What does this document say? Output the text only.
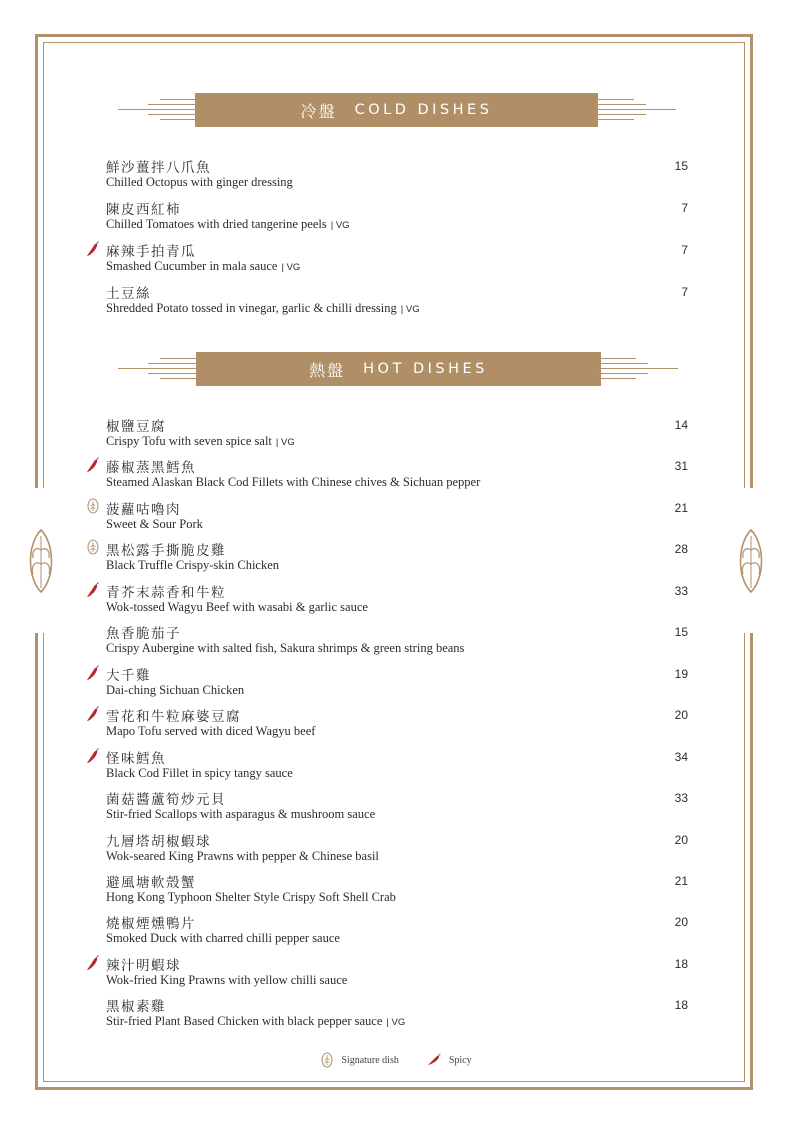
冷盤 COLD DISHES
熱盤 HOT DISHES
鮮沙薑拌八爪魚
Chilled Octopus with ginger dressing
15
陳皮西紅柿
Chilled Tomatoes with dried tangerine peels | VG
7
麻辣手拍青瓜
Smashed Cucumber in mala sauce | VG
7
土豆絲
Shredded Potato tossed in vinegar, garlic & chilli dressing | VG
7
椒鹽豆腐
Crispy Tofu with seven spice salt | VG
14
藤椒蒸黑鱈魚
Steamed Alaskan Black Cod Fillets with Chinese chives & Sichuan pepper
31
菠蘿咕嚕肉
Sweet & Sour Pork
21
黑松露手撕脆皮雞
Black Truffle Crispy-skin Chicken
28
青芥末蒜香和牛粒
Wok-tossed Wagyu Beef with wasabi & garlic sauce
33
魚香脆茄子
Crispy Aubergine with salted fish, Sakura shrimps & green string beans
15
大千雞
Dai-ching Sichuan Chicken
19
雪花和牛粒麻婆豆腐
Mapo Tofu served with diced Wagyu beef
20
怪味鱈魚
Black Cod Fillet in spicy tangy sauce
34
菌菇醬蘆筍炒元貝
Stir-fried Scallops with asparagus & mushroom sauce
33
九層塔胡椒蝦球
Wok-seared King Prawns with pepper & Chinese basil
20
避風塘軟殼蟹
Hong Kong Typhoon Shelter Style Crispy Soft Shell Crab
21
燒椒煙燻鴨片
Smoked Duck with charred chilli pepper sauce
20
辣汁明蝦球
Wok-fried King Prawns with yellow chilli sauce
18
黑椒素雞
Stir-fried Plant Based Chicken with black pepper sauce | VG
18
Signature dish	Spicy
